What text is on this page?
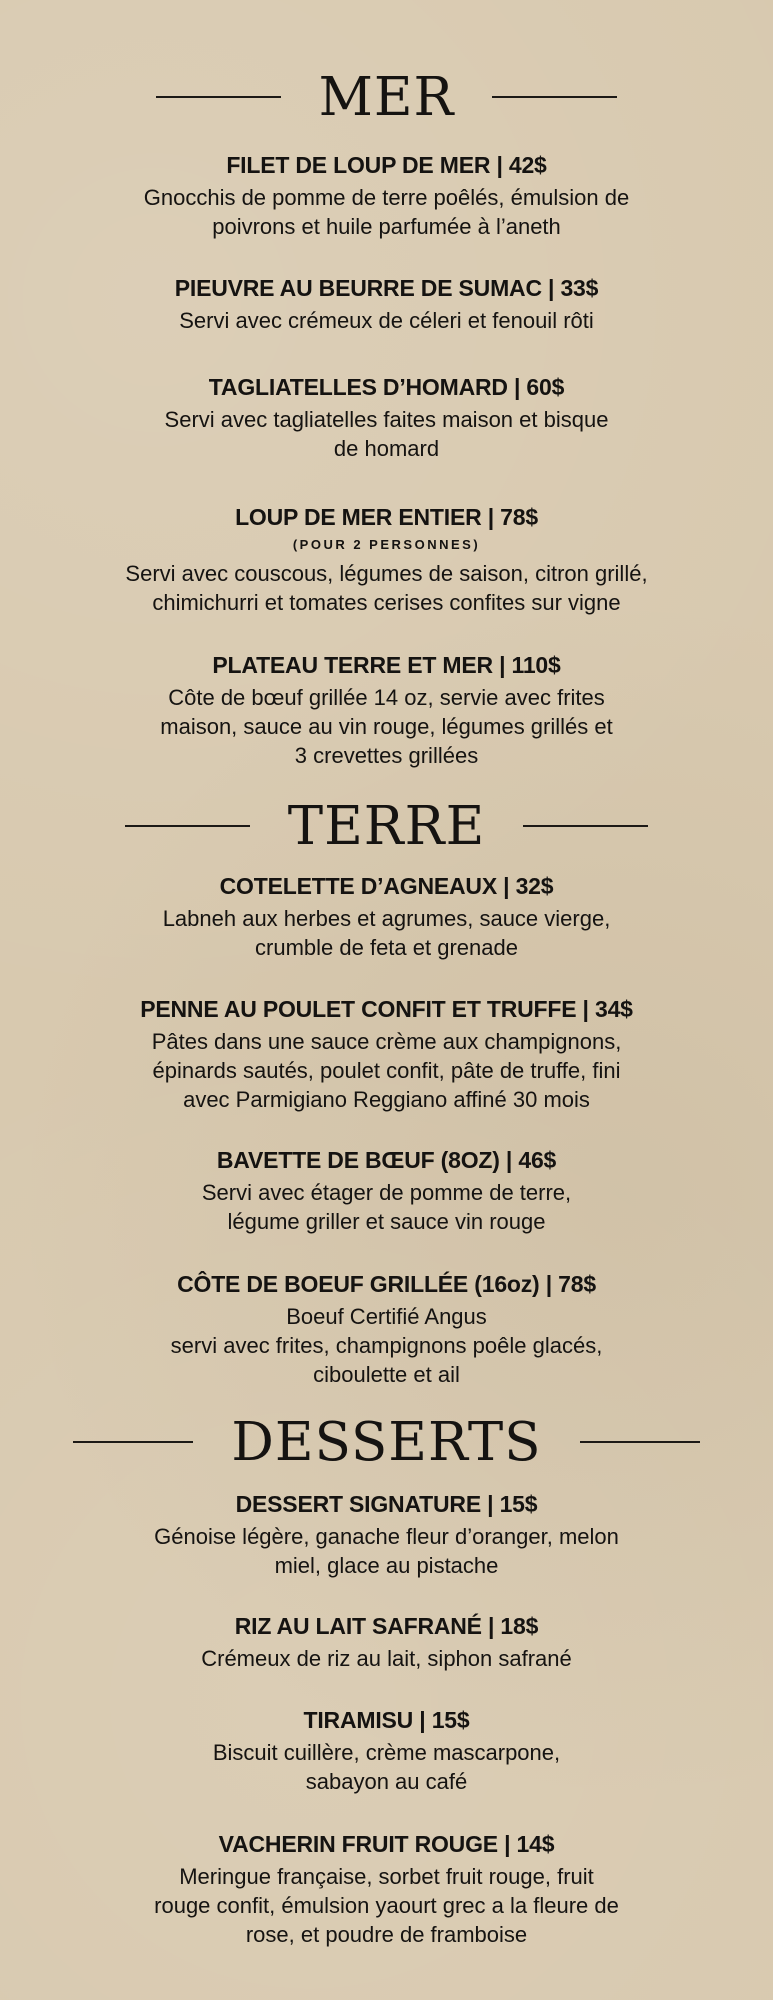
MER
FILET DE LOUP DE MER | 42$
Gnocchis de pomme de terre poêlés, émulsion de
poivrons et huile parfumée à l’aneth
PIEUVRE AU BEURRE DE SUMAC | 33$
Servi avec crémeux de céleri et fenouil rôti
TAGLIATELLES D’HOMARD | 60$
Servi avec tagliatelles faites maison et bisque
de homard
LOUP DE MER ENTIER | 78$
(POUR 2 PERSONNES)
Servi avec couscous, légumes de saison, citron grillé,
chimichurri et tomates cerises confites sur vigne
PLATEAU TERRE ET MER | 110$
Côte de bœuf grillée 14 oz, servie avec frites
maison, sauce au vin rouge, légumes grillés et
3 crevettes grillées
TERRE
COTELETTE D’AGNEAUX | 32$
Labneh aux herbes et agrumes, sauce vierge,
crumble de feta et grenade
PENNE AU POULET CONFIT ET TRUFFE | 34$
Pâtes dans une sauce crème aux champignons,
épinards sautés, poulet confit, pâte de truffe, fini
avec Parmigiano Reggiano affiné 30 mois
BAVETTE DE BŒUF (8OZ) | 46$
Servi avec étager de pomme de terre,
légume griller et sauce vin rouge
CÔTE DE BOEUF GRILLÉE (16oz) | 78$
Boeuf Certifié Angus
servi avec frites, champignons poêle glacés,
ciboulette et ail
DESSERTS
DESSERT SIGNATURE | 15$
Génoise légère, ganache fleur d’oranger, melon
miel, glace au pistache
RIZ AU LAIT SAFRANÉ | 18$
Crémeux de riz au lait, siphon safrané
TIRAMISU | 15$
Biscuit cuillère, crème mascarpone,
sabayon au café
VACHERIN FRUIT ROUGE | 14$
Meringue française, sorbet fruit rouge, fruit
rouge confit, émulsion yaourt grec a la fleure de
rose, et poudre de framboise
